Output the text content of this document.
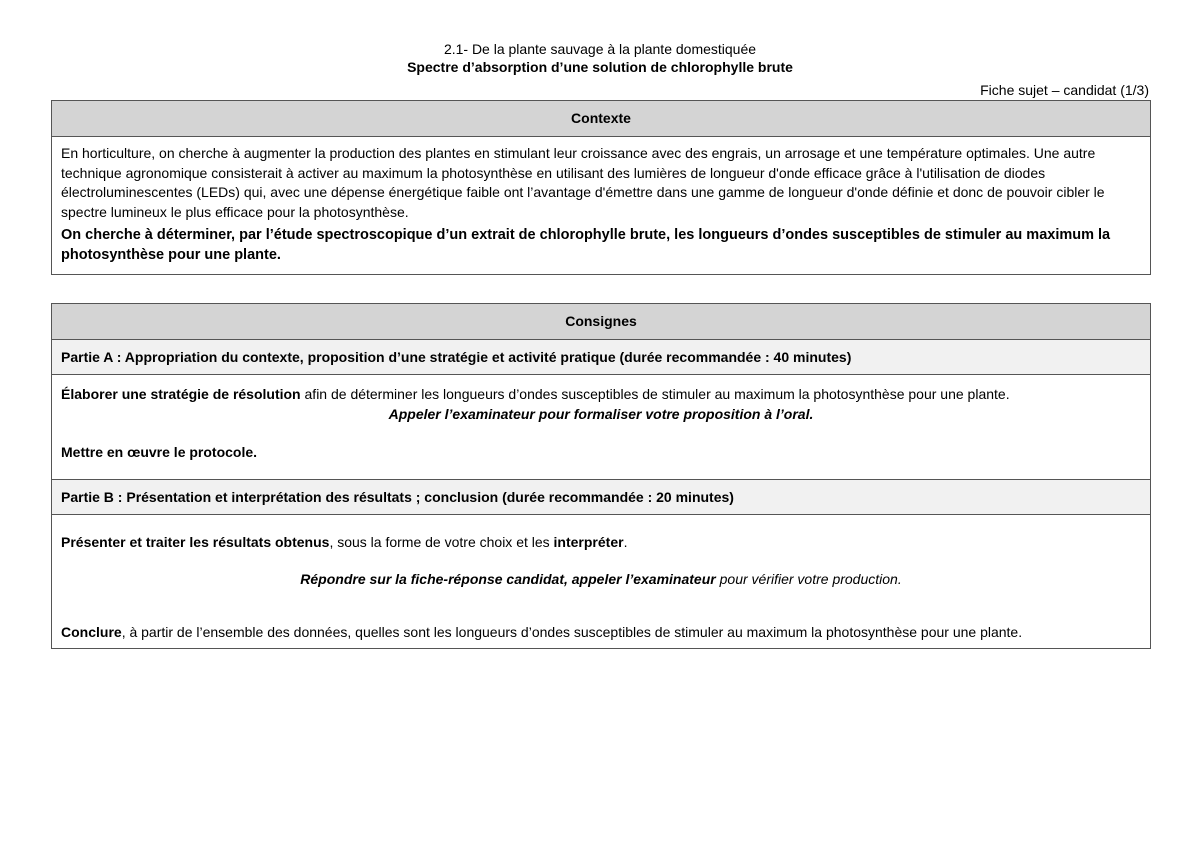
2.1- De la plante sauvage à la plante domestiquée
Spectre d’absorption d’une solution de chlorophylle brute
Fiche sujet – candidat (1/3)
Contexte

En horticulture, on cherche à augmenter la production des plantes en stimulant leur croissance avec des engrais, un arrosage et une température optimales. Une autre technique agronomique consisterait à activer au maximum la photosynthèse en utilisant des lumières de longueur d'onde efficace grâce à l'utilisation de diodes électroluminescentes (LEDs) qui, avec une dépense énergétique faible ont l’avantage d'émettre dans une gamme de longueur d'onde définie et donc de pouvoir cibler le spectre lumineux le plus efficace pour la photosynthèse.

On cherche à déterminer, par l’étude spectroscopique d’un extrait de chlorophylle brute, les longueurs d’ondes susceptibles de stimuler au maximum la photosynthèse pour une plante.

Consignes
Partie A : Appropriation du contexte, proposition d’une stratégie et activité pratique (durée recommandée : 40 minutes)

Élaborer une stratégie de résolution afin de déterminer les longueurs d’ondes susceptibles de stimuler au maximum la photosynthèse pour une plante.

Appeler l’examinateur pour formaliser votre proposition à l’oral.

Mettre en œuvre le protocole.

Partie B : Présentation et interprétation des résultats ; conclusion (durée recommandée : 20 minutes)

Présenter et traiter les résultats obtenus, sous la forme de votre choix et les interpréter.

Répondre sur la fiche-réponse candidat, appeler l’examinateur pour vérifier votre production.

Conclure, à partir de l’ensemble des données, quelles sont les longueurs d’ondes susceptibles de stimuler au maximum la photosynthèse pour une plante.
